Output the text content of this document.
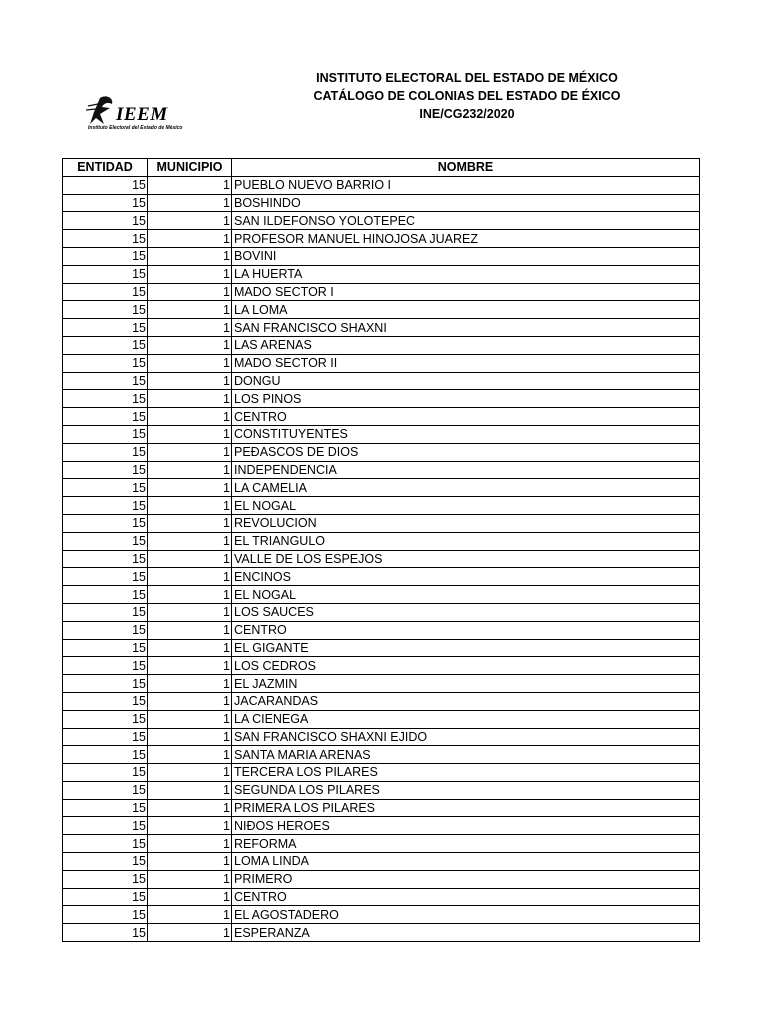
IEEM
Instituto Electoral del Estado de México
INSTITUTO ELECTORAL DEL ESTADO DE MÉXICO
CATÁLOGO DE COLONIAS DEL ESTADO DE ÉXICO
INE/CG232/2020
ENTIDAD	MUNICIPIO	NOMBRE
15	1	PUEBLO NUEVO BARRIO I
15	1	BOSHINDO
15	1	SAN ILDEFONSO YOLOTEPEC
15	1	PROFESOR MANUEL HINOJOSA JUAREZ
15	1	BOVINI
15	1	LA HUERTA
15	1	MADO SECTOR I
15	1	LA LOMA
15	1	SAN FRANCISCO SHAXNI
15	1	LAS ARENAS
15	1	MADO SECTOR II
15	1	DONGU
15	1	LOS PINOS
15	1	CENTRO
15	1	CONSTITUYENTES
15	1	PEÐASCOS DE DIOS
15	1	INDEPENDENCIA
15	1	LA CAMELIA
15	1	EL NOGAL
15	1	REVOLUCION
15	1	EL TRIANGULO
15	1	VALLE DE LOS ESPEJOS
15	1	ENCINOS
15	1	EL NOGAL
15	1	LOS SAUCES
15	1	CENTRO
15	1	EL GIGANTE
15	1	LOS CEDROS
15	1	EL JAZMIN
15	1	JACARANDAS
15	1	LA CIENEGA
15	1	SAN FRANCISCO SHAXNI EJIDO
15	1	SANTA MARIA ARENAS
15	1	TERCERA LOS PILARES
15	1	SEGUNDA LOS PILARES
15	1	PRIMERA LOS PILARES
15	1	NIÐOS HEROES
15	1	REFORMA
15	1	LOMA LINDA
15	1	PRIMERO
15	1	CENTRO
15	1	EL AGOSTADERO
15	1	ESPERANZA
